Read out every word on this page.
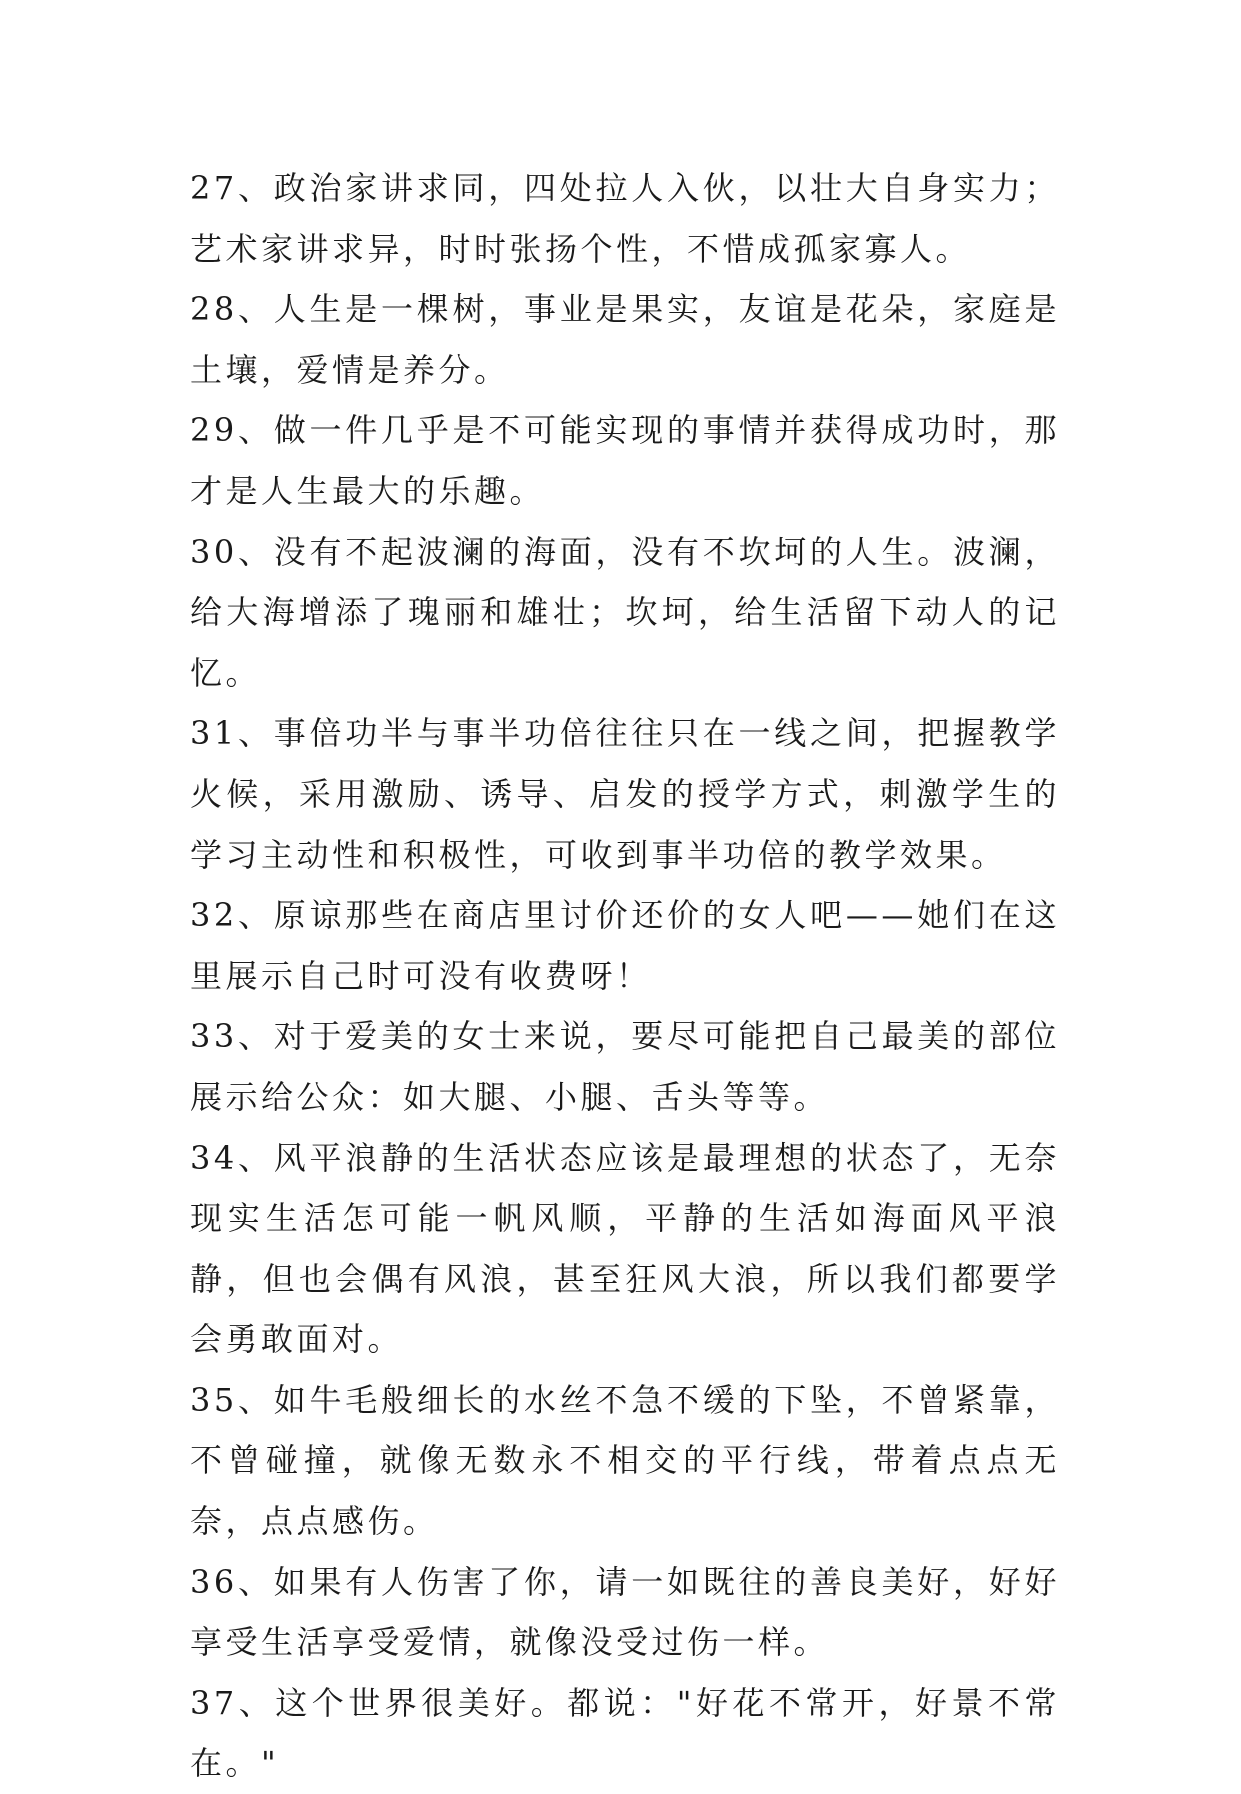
27、政治家讲求同，四处拉人入伙，以壮大自身实力；艺术家讲求异，时时张扬个性，不惜成孤家寡人。

28、人生是一棵树，事业是果实，友谊是花朵，家庭是土壤，爱情是养分。

29、做一件几乎是不可能实现的事情并获得成功时，那才是人生最大的乐趣。

30、没有不起波澜的海面，没有不坎坷的人生。波澜，给大海增添了瑰丽和雄壮；坎坷，给生活留下动人的记忆。

31、事倍功半与事半功倍往往只在一线之间，把握教学火候，采用激励、诱导、启发的授学方式，刺激学生的学习主动性和积极性，可收到事半功倍的教学效果。

32、原谅那些在商店里讨价还价的女人吧——她们在这里展示自己时可没有收费呀！

33、对于爱美的女士来说，要尽可能把自己最美的部位展示给公众：如大腿、小腿、舌头等等。

34、风平浪静的生活状态应该是最理想的状态了，无奈现实生活怎可能一帆风顺，平静的生活如海面风平浪静，但也会偶有风浪，甚至狂风大浪，所以我们都要学会勇敢面对。

35、如牛毛般细长的水丝不急不缓的下坠，不曾紧靠，不曾碰撞，就像无数永不相交的平行线，带着点点无奈，点点感伤。

36、如果有人伤害了你，请一如既往的善良美好，好好享受生活享受爱情，就像没受过伤一样。

37、这个世界很美好。都说："好花不常开，好景不常在。"
